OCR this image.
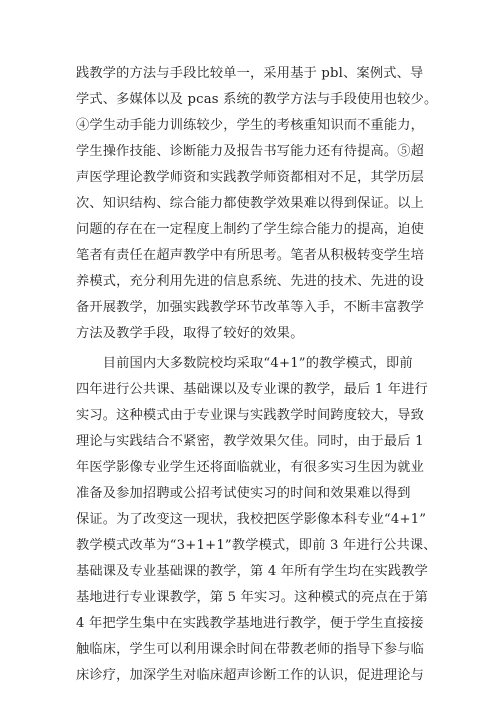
践教学的方法与手段比较单一，采用基于 pbl、案例式、导
学式、多媒体以及 pcas 系统的教学方法与手段使用也较少。
④学生动手能力训练较少，学生的考核重知识而不重能力，
学生操作技能、诊断能力及报告书写能力还有待提高。⑤超
声医学理论教学师资和实践教学师资都相对不足，其学历层
次、知识结构、综合能力都使教学效果难以得到保证。以上
问题的存在在一定程度上制约了学生综合能力的提高，迫使
笔者有责任在超声教学中有所思考。笔者从积极转变学生培
养模式，充分利用先进的信息系统、先进的技术、先进的设
备开展教学，加强实践教学环节改革等入手，不断丰富教学
方法及教学手段，取得了较好的效果。
　　目前国内大多数院校均采取“4+1”的教学模式，即前
四年进行公共课、基础课以及专业课的教学，最后 1 年进行
实习。这种模式由于专业课与实践教学时间跨度较大，导致
理论与实践结合不紧密，教学效果欠佳。同时，由于最后 1
年医学影像专业学生还将面临就业，有很多实习生因为就业
准备及参加招聘或公招考试使实习的时间和效果难以得到
保证。为了改变这一现状，我校把医学影像本科专业“4+1”
教学模式改革为“3+1+1”教学模式，即前 3 年进行公共课、
基础课及专业基础课的教学，第 4 年所有学生均在实践教学
基地进行专业课教学，第 5 年实习。这种模式的亮点在于第
4 年把学生集中在实践教学基地进行教学，便于学生直接接
触临床，学生可以利用课余时间在带教老师的指导下参与临
床诊疗，加深学生对临床超声诊断工作的认识，促进理论与
